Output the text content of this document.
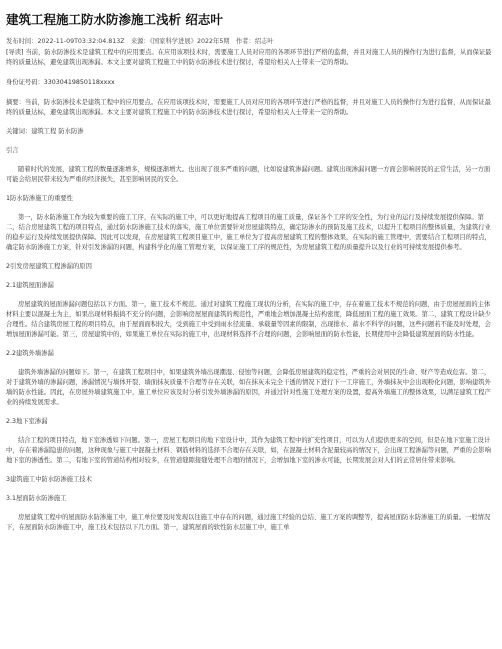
建筑工程施工防水防渗施工浅析 绍志叶
发布时间：2022-11-09T03:32:04.813Z　来源：《国家科学进展》2022年5期　作者：绍志叶

[导读] 当前，防水防渗技术是建筑工程中的应用要点。在应用该项技术时，需要施工人员对应用的各项环节进行严格的监督，并且对施工人员的操作行为进行监督，从而保证最终的质量达标，避免建筑出现渗漏。本文主要对建筑工程施工中的防水防渗技术进行探讨，希望给相关人士带来一定的帮助。

身份证号码：33030419850118xxxx

摘要：当前，防水防渗技术是建筑工程中的应用要点。在应用该项技术时，需要施工人员对应用的各项环节进行严格的监督，并且对施工人员的操作行为进行监督，从而保证最终的质量达标，避免建筑出现渗漏。本文主要对建筑工程施工中的防水防渗技术进行探讨，希望给相关人士带来一定的帮助。

关键词：建筑工程 防水防渗

引言

随着时代的发展，建筑工程的数量逐渐增多，规模逐渐增大。也出现了很多严重的问题，比如说建筑渗漏问题。建筑出现渗漏问题一方面会影响居民的正常生活，另一方面可能会给居民带来较为严重的经济损失，甚至影响居民的安全。

1防水防渗施工的重要性

第一，防水防渗施工作为较为重要的施工工序，在实际的施工中，可以更好地提高工程项目的施工质量，保证各个工序的安全性，为行业的运行及持续发展提供保障。第二，结合房屋建筑工程的项目特点，通过防水防渗施工技术的落实，施工单位需要针对房屋建筑特点，确定防渗水的预防及施工技术，以提升工程项目的整体质量，为建筑行业的稳步运行及持续发展提供保障。因此可以发现，在房屋建筑工程项目施工中，施工单位为了提高房屋建筑工程的整体效果，在实际的施工管理中，需要结合工程项目的特点，确定防水防渗施工方案，针对引发渗漏的问题，构建科学化的施工管理方案，以保证施工工序的规范性，为房屋建筑工程的质量提升以及行业的可持续发展提供参考。

2引发房屋建筑工程渗漏的原因

2.1建筑屋面渗漏

房屋建筑的屋面渗漏问题包括以下方面。第一，施工技术不规范。通过对建筑工程施工现状的分析，在实际的施工中，存在着施工技术不规范的问题，由于房屋屋面的主体材料主要以混凝土为主，如果出现材料振捣不充分的问题，会影响房屋屋面建筑的规范性，严重地会增加混凝土结构密度，降低屋面工程的施工效果。第二，建筑工程设计缺少合理性。结合建筑房屋工程的项目特点，由于屋面面积较大，受到施工中受到雨水径流量、承载量等因素的限制，出现排水、蓄水不科学的问题，这些问题若不能及时处理，会增加屋面渗漏可能。第三，房屋建筑中的，如果施工单位在实际的施工中，出现材料选择不合理的问题，会影响屋面的防水性能，长期使用中会降低建筑屋面的防水性能。

2.2建筑外墙渗漏

建筑外墙渗漏的问题如下。第一，在建筑工程项目中，如果建筑外墙出现潮湿、侵蚀等问题，会降低房屋建筑的稳定性，严重的会对居民的生命、财产等造成危害。第二，对于建筑外墙的渗漏问题，渗漏情况与墙体开裂、墙面抹灰质量不合理等存在关联，如在抹灰未完全干透的情况下进行下一工序施工，外墙抹灰中会出现粉化问题，影响建筑外墙的防水性能。因此，在房屋外墙建筑施工中，施工单位应该及时分析引发外墙渗漏的原因，并通过针对性施工处理方案的设置，提高外墙施工的整体效果，以满足建筑工程产业的持续发展需求。

2.3地下室渗漏

结合工程的项目特点，地下室渗透如下问题。第一，房屋工程项目的地下室设计中，其作为建筑工程中的扩充性项目，可以为人们提供更多的空间，但是在地下室施工设计中，存在着渗漏隐患的问题，这种现象与施工中混凝土材料、钢筋材料的选择不合理存在关联，如，在混凝土材料含泥量较高的情况下，会出现工程渗漏等问题，严重的会影响地下室的渗透性。第二，有地下室的管道结构相对较多，在管道缝隙接缝处理不合理的情况下，会增加地下室的渗水可能，长期发展会对人们的正常居住带来影响。

3建筑施工中防水防渗施工技术

3.1屋面防水防渗施工

房屋建筑工程中的屋面防水防渗施工中，施工单位要及时发现以往施工中存在的问题，通过施工经验的总结、施工方案的调整等，提高屋面防水防渗施工的质量。一般情况下，在屋面防水防渗施工中，施工技术包括以下几方面。第一，建筑屋面的软性防水层施工中，施工单
